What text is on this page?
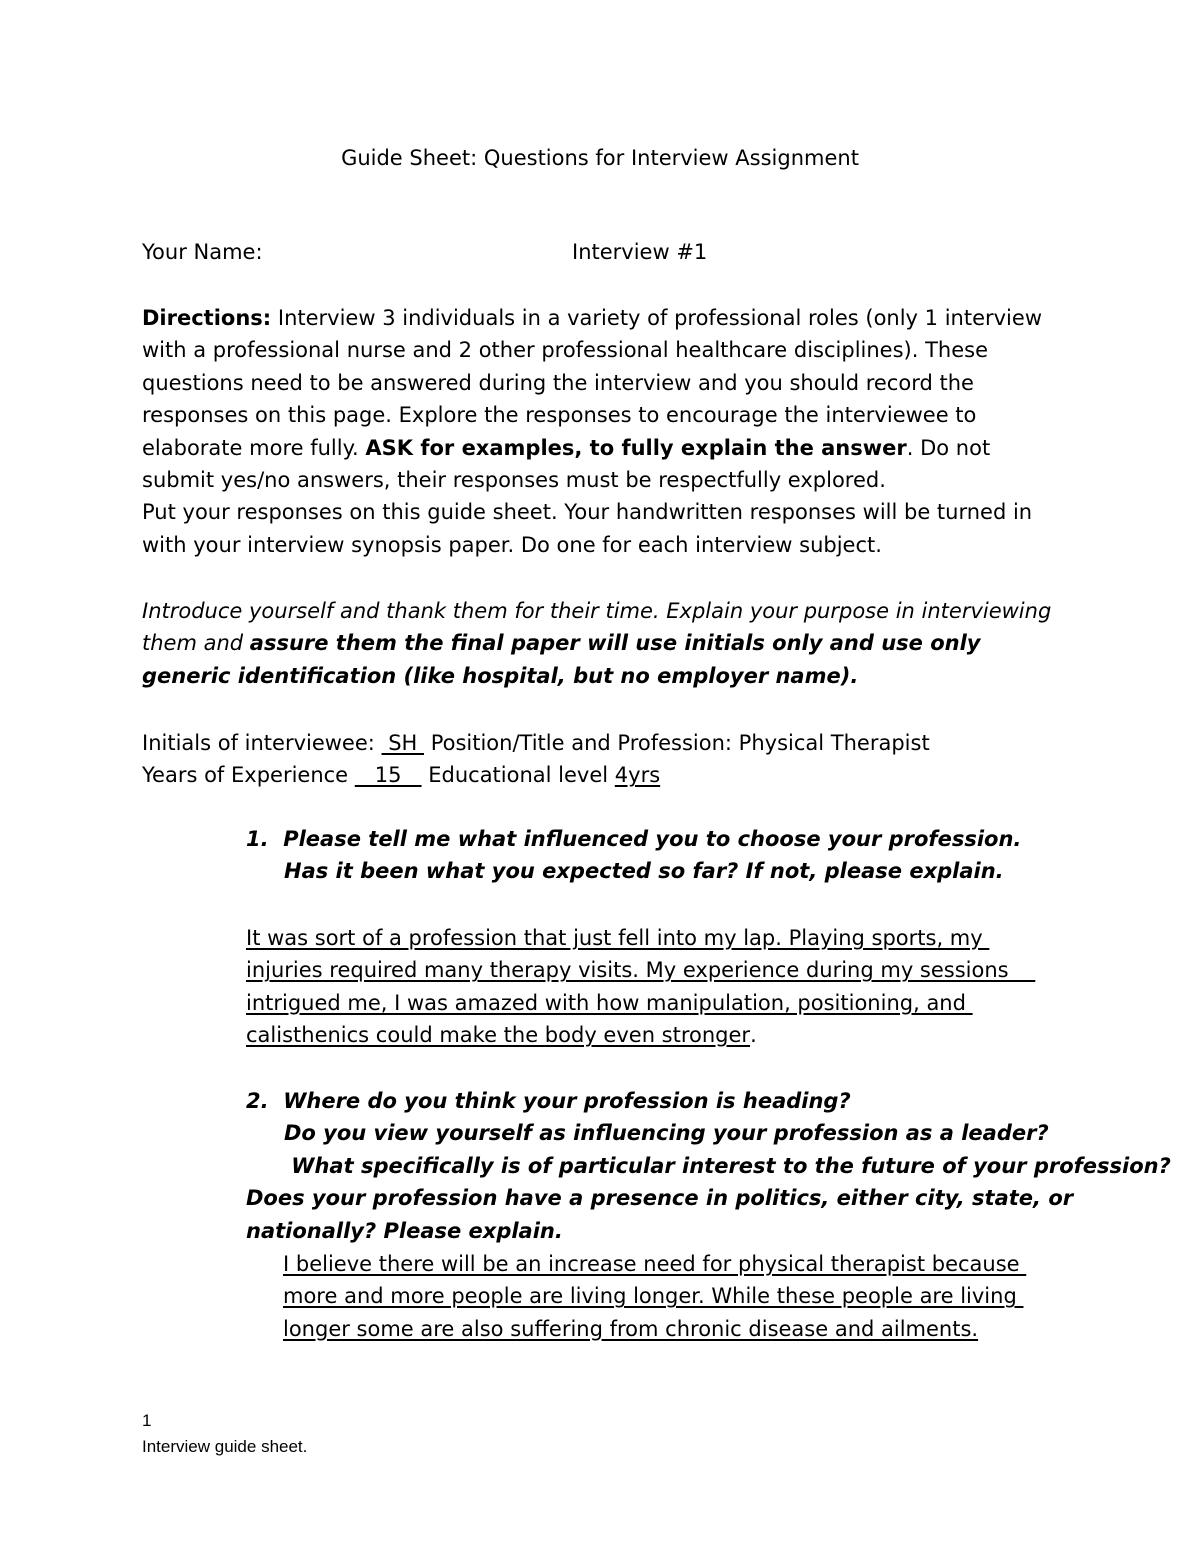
Guide Sheet: Questions for Interview Assignment
Your Name:	Interview #1
Directions: Interview 3 individuals in a variety of professional roles (only 1 interview with a professional nurse and 2 other professional healthcare disciplines). These questions need to be answered during the interview and you should record the responses on this page. Explore the responses to encourage the interviewee to elaborate more fully. ASK for examples, to fully explain the answer. Do not submit yes/no answers, their responses must be respectfully explored.
Put your responses on this guide sheet. Your handwritten responses will be turned in with your interview synopsis paper. Do one for each interview subject.
Introduce yourself and thank them for their time. Explain your purpose in interviewing them and assure them the final paper will use initials only and use only generic identification (like hospital, but no employer name).
Initials of interviewee:  SH  Position/Title and Profession: Physical Therapist
Years of Experience    15    Educational level 4yrs
1. Please tell me what influenced you to choose your profession.
Has it been what you expected so far? If not, please explain.
It was sort of a profession that just fell into my lap. Playing sports, my
injuries required many therapy visits. My experience during my sessions
intrigued me, I was amazed with how manipulation, positioning, and
calisthenics could make the body even stronger.
2. Where do you think your profession is heading?
Do you view yourself as influencing your profession as a leader?
What specifically is of particular interest to the future of your profession?
Does your profession have a presence in politics, either city, state, or
nationally? Please explain.
I believe there will be an increase need for physical therapist because
more and more people are living longer. While these people are living
longer some are also suffering from chronic disease and ailments.
1
Interview guide sheet.
